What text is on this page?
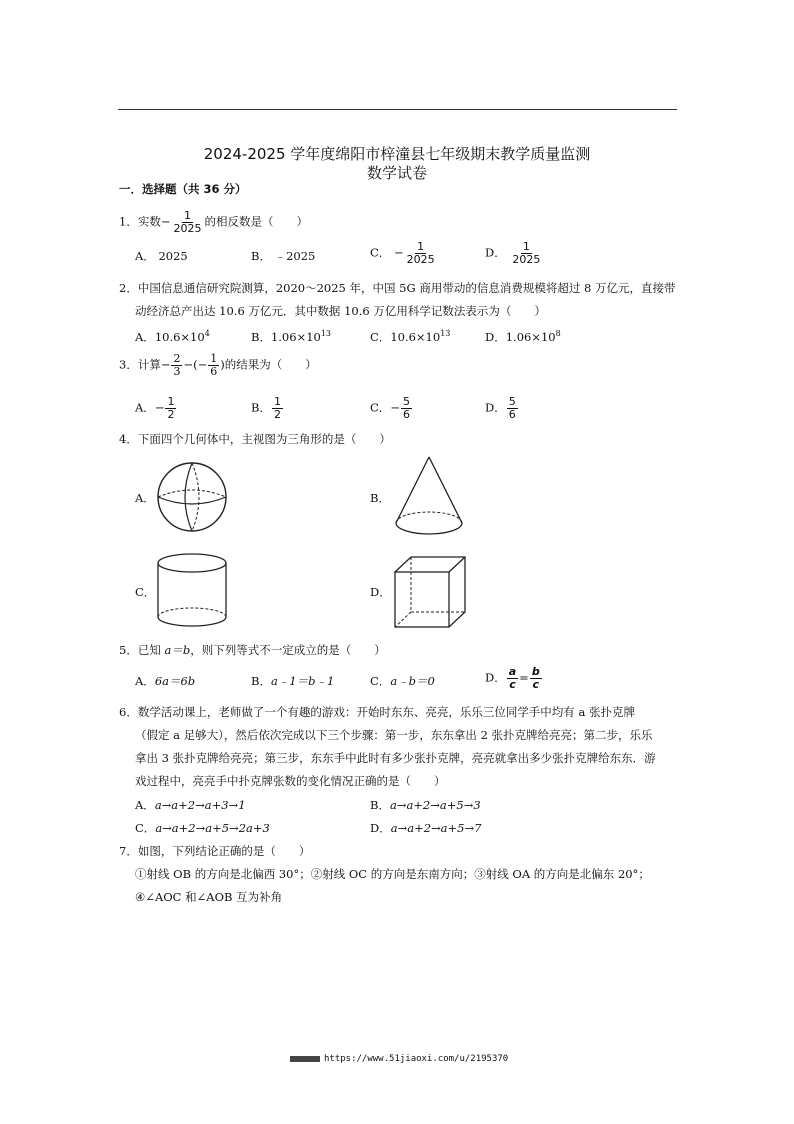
2024-2025 学年度绵阳市梓潼县七年级期末教学质量监测
数学试卷
一．选择题（共 36 分）
1．实数− $\frac{1}{2025}$ 的相反数是（　　）
A． 2025	B． ﹣2025	C． − $\frac{1}{2025}$	D． $\frac{1}{2025}$
2．中国信息通信研究院测算，2020～2025 年，中国 5G 商用带动的信息消费规模将超过 8 万亿元，直接带
动经济总产出达 10.6 万亿元．其中数据 10.6 万亿用科学记数法表示为（　　）
A．$10.6\times 10^4$	B．$1.06\times 10^{13}$	C．$10.6\times 10^{13}$	D．$1.06\times 10^8$
3．计算− $\frac{2}{3}$ −(− $\frac{1}{6}$ )的结果为（　　）
A．− $\frac{1}{2}$	B． $\frac{1}{2}$	C．− $\frac{5}{6}$	D． $\frac{5}{6}$
4．下面四个几何体中，主视图为三角形的是（　　）
A．	B．
C．	D．
5．已知 a＝b，则下列等式不一定成立的是（　　）
A．6a＝6b	B．a﹣1＝b﹣1	C．a﹣b＝0	D． $\frac{a}{c} = \frac{b}{c}$
6．数学活动课上，老师做了一个有趣的游戏：开始时东东、亮亮，乐乐三位同学手中均有 a 张扑克牌
（假定 a 足够大），然后依次完成以下三个步骤：第一步，东东拿出 2 张扑克牌给亮亮；第二步，乐乐
拿出 3 张扑克牌给亮亮；第三步，东东手中此时有多少张扑克牌，亮亮就拿出多少张扑克牌给东东．游
戏过程中，亮亮手中扑克牌张数的变化情况正确的是（　　）
A．a→a+2→a+3→1	B．a→a+2→a+5→3
C．a→a+2→a+5→2a+3	D．a→a+2→a+5→7
7．如图，下列结论正确的是（　　）
①射线 OB 的方向是北偏西 30°；②射线 OC 的方向是东南方向；③射线 OA 的方向是北偏东 20°；
④∠AOC 和∠AOB 互为补角
https://www.51jiaoxi.com/u/2195370
